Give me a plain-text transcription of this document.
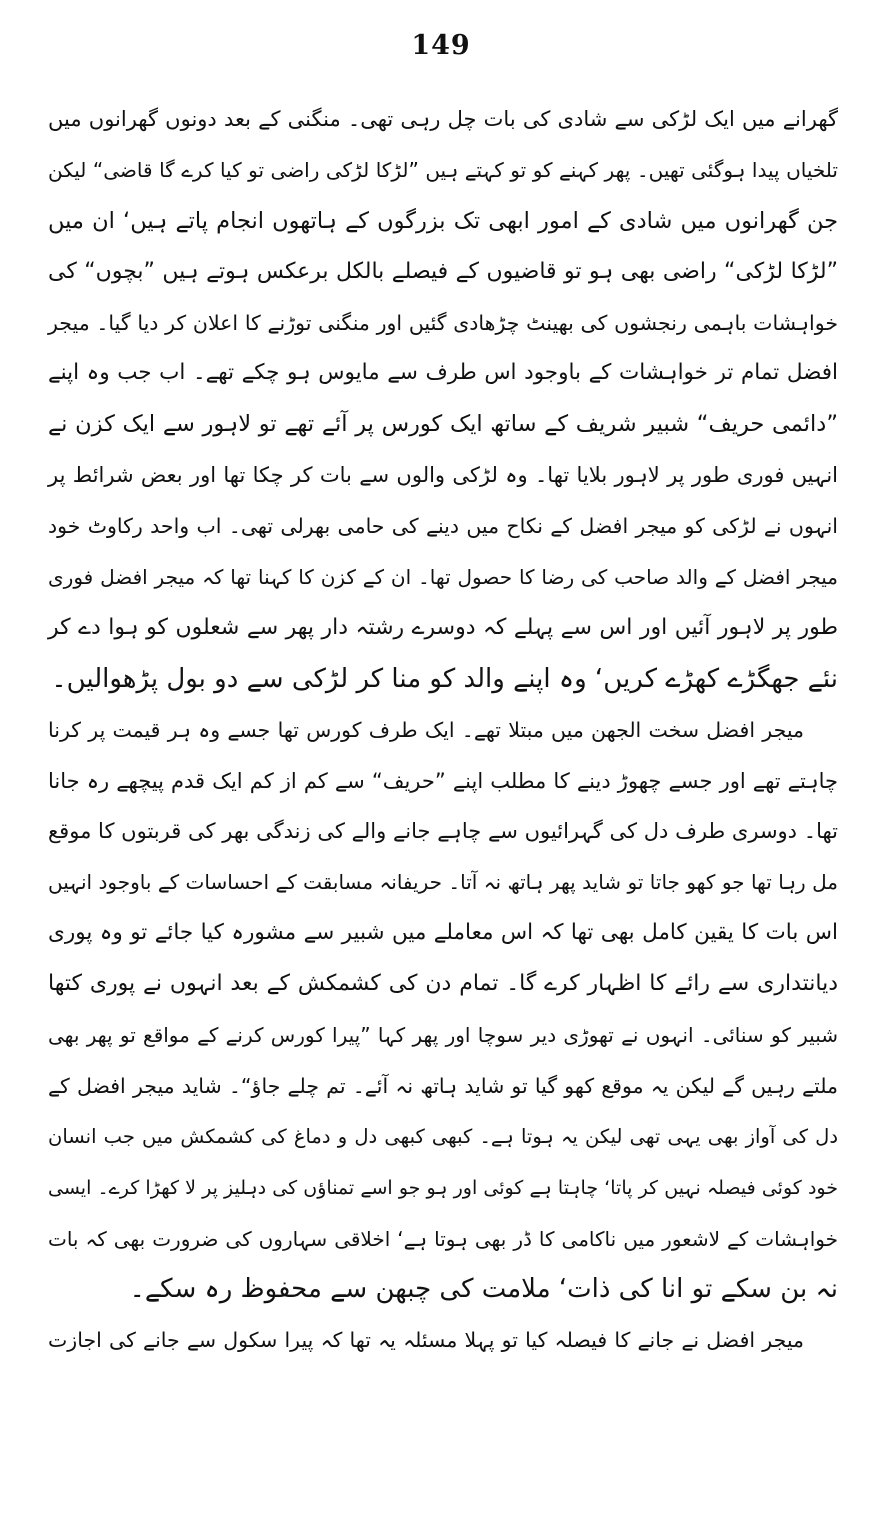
149
گھرانے میں ایک لڑکی سے شادی کی بات چل رہی تھی۔ منگنی کے بعد دونوں گھرانوں میں
تلخیاں پیدا ہوگئی تھیں۔ پھر کہنے کو تو کہتے ہیں ”لڑکا لڑکی راضی تو کیا کرے گا قاضی“ لیکن
جن گھرانوں میں شادی کے امور ابھی تک بزرگوں کے ہاتھوں انجام پاتے ہیں‘ ان میں
”لڑکا لڑکی“ راضی بھی ہو تو قاضیوں کے فیصلے بالکل برعکس ہوتے ہیں ”بچوں“ کی
خواہشات باہمی رنجشوں کی بھینٹ چڑھادی گئیں اور منگنی توڑنے کا اعلان کر دیا گیا۔ میجر
افضل تمام تر خواہشات کے باوجود اس طرف سے مایوس ہو چکے تھے۔ اب جب وہ اپنے
”دائمی حریف“ شبیر شریف کے ساتھ ایک کورس پر آئے تھے تو لاہور سے ایک کزن نے
انہیں فوری طور پر لاہور بلایا تھا۔ وہ لڑکی والوں سے بات کر چکا تھا اور بعض شرائط پر
انہوں نے لڑکی کو میجر افضل کے نکاح میں دینے کی حامی بھرلی تھی۔ اب واحد رکاوٹ خود
میجر افضل کے والد صاحب کی رضا کا حصول تھا۔ ان کے کزن کا کہنا تھا کہ میجر افضل فوری
طور پر لاہور آئیں اور اس سے پہلے کہ دوسرے رشتہ دار پھر سے شعلوں کو ہوا دے کر
نئے جھگڑے کھڑے کریں‘ وہ اپنے والد کو منا کر لڑکی سے دو بول پڑھوالیں۔
میجر افضل سخت الجھن میں مبتلا تھے۔ ایک طرف کورس تھا جسے وہ ہر قیمت پر کرنا
چاہتے تھے اور جسے چھوڑ دینے کا مطلب اپنے ”حریف“ سے کم از کم ایک قدم پیچھے رہ جانا
تھا۔ دوسری طرف دل کی گہرائیوں سے چاہے جانے والے کی زندگی بھر کی قربتوں کا موقع
مل رہا تھا جو کھو جاتا تو شاید پھر ہاتھ نہ آتا۔ حریفانہ مسابقت کے احساسات کے باوجود انہیں
اس بات کا یقین کامل بھی تھا کہ اس معاملے میں شبیر سے مشورہ کیا جائے تو وہ پوری
دیانتداری سے رائے کا اظہار کرے گا۔ تمام دن کی کشمکش کے بعد انہوں نے پوری کتھا
شبیر کو سنائی۔ انہوں نے تھوڑی دیر سوچا اور پھر کہا ”پیرا کورس کرنے کے مواقع تو پھر بھی
ملتے رہیں گے لیکن یہ موقع کھو گیا تو شاید ہاتھ نہ آئے۔ تم چلے جاؤ“۔ شاید میجر افضل کے
دل کی آواز بھی یہی تھی لیکن یہ ہوتا ہے۔ کبھی کبھی دل و دماغ کی کشمکش میں جب انسان
خود کوئی فیصلہ نہیں کر پاتا‘ چاہتا ہے کوئی اور ہو جو اسے تمناؤں کی دہلیز پر لا کھڑا کرے۔ ایسی
خواہشات کے لاشعور میں ناکامی کا ڈر بھی ہوتا ہے‘ اخلاقی سہاروں کی ضرورت بھی کہ بات
نہ بن سکے تو انا کی ذات‘ ملامت کی چبھن سے محفوظ رہ سکے۔
میجر افضل نے جانے کا فیصلہ کیا تو پہلا مسئلہ یہ تھا کہ پیرا سکول سے جانے کی اجازت
